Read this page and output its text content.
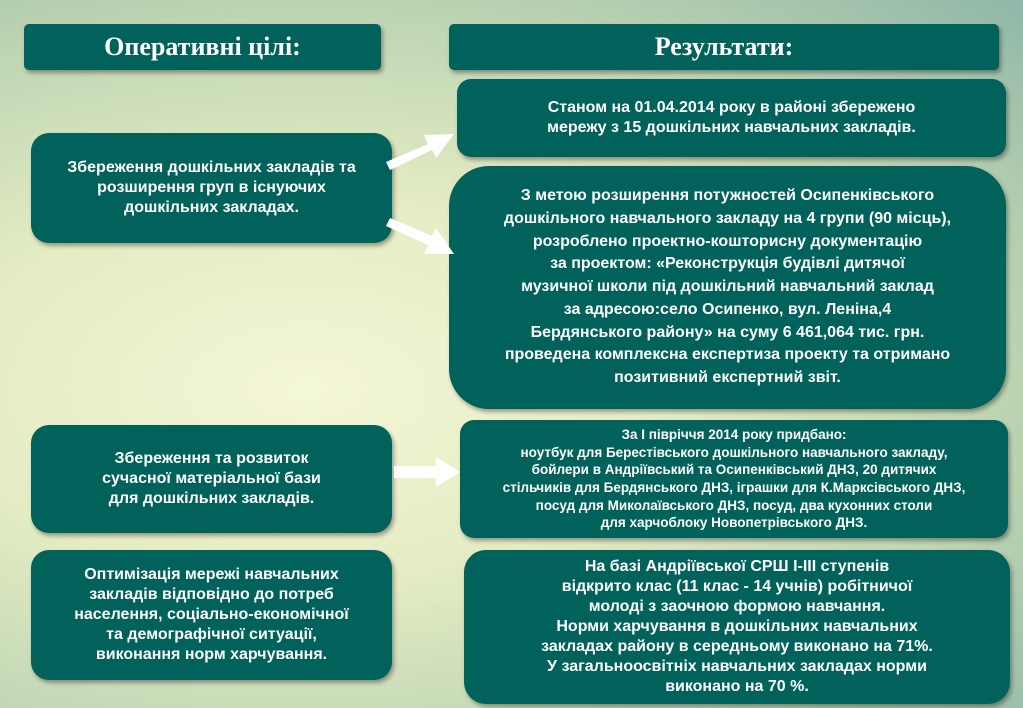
Оперативні цілі:	Результати:
Збереження дошкільних закладів та
розширення груп в існуючих
дошкільних закладах.
Збереження та розвиток
сучасної матеріальної бази
для дошкільних закладів.
Оптимізація мережі навчальних
закладів відповідно до потреб
населення, соціально-економічної
та демографічної ситуації,
виконання норм харчування.
Станом на 01.04.2014 року в районі збережено
мережу з 15 дошкільних навчальних закладів.
З метою розширення потужностей Осипенківського
дошкільного навчального закладу на 4 групи (90 місць),
розроблено проектно-кошторисну документацію
за проектом: «Реконструкція будівлі дитячої
музичної школи під дошкільний навчальний заклад
за адресою:село Осипенко, вул. Леніна,4
Бердянського району» на суму 6 461,064 тис. грн.
проведена комплексна експертиза проекту та отримано
позитивний експертний звіт.
За І півріччя 2014 року придбано:
ноутбук для Берестівського дошкільного навчального закладу,
бойлери в Андріївський та Осипенківський ДНЗ, 20 дитячих
стільчиків для Бердянського ДНЗ, іграшки для К.Марксівського ДНЗ,
посуд для Миколаївського ДНЗ, посуд, два кухонних столи
для харчоблоку Новопетрівського ДНЗ.
На базі Андріївської СРШ І-ІІІ ступенів
відкрито клас (11 клас - 14 учнів) робітничої
молоді з заочною формою навчання.
Норми харчування в дошкільних навчальних
закладах району в середньому виконано на 71%.
У загальноосвітніх навчальних закладах норми
виконано на 70 %.
